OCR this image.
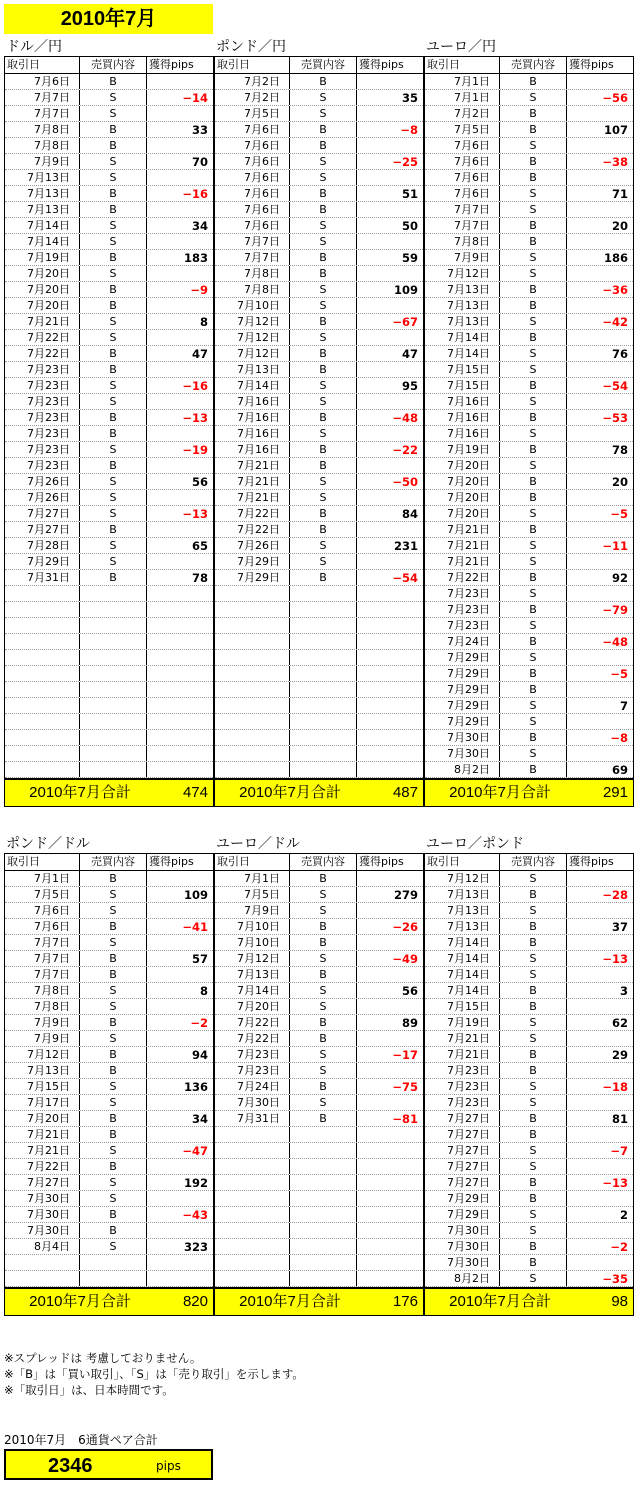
2010年7月
ドル／円
取引日	売買内容	獲得pips
7月6日	B
7月7日	S	−14
7月7日	S
7月8日	B	33
7月8日	B
7月9日	S	70
7月13日	S
7月13日	B	−16
7月13日	B
7月14日	S	34
7月14日	S
7月19日	B	183
7月20日	S
7月20日	B	−9
7月20日	B
7月21日	S	8
7月22日	S
7月22日	B	47
7月23日	B
7月23日	S	−16
7月23日	S
7月23日	B	−13
7月23日	B
7月23日	S	−19
7月23日	B
7月26日	S	56
7月26日	S
7月27日	S	−13
7月27日	B
7月28日	S	65
7月29日	S
7月31日	B	78
2010年7月合計	474
ポンド／円
取引日	売買内容	獲得pips
7月2日	B
7月2日	S	35
7月5日	S
7月6日	B	−8
7月6日	B
7月6日	S	−25
7月6日	S
7月6日	B	51
7月6日	B
7月6日	S	50
7月7日	S
7月7日	B	59
7月8日	B
7月8日	S	109
7月10日	S
7月12日	B	−67
7月12日	S
7月12日	B	47
7月13日	B
7月14日	S	95
7月16日	S
7月16日	B	−48
7月16日	S
7月16日	B	−22
7月21日	B
7月21日	S	−50
7月21日	S
7月22日	B	84
7月22日	B
7月26日	S	231
7月29日	S
7月29日	B	−54
2010年7月合計	487
ユーロ／円
取引日	売買内容	獲得pips
7月1日	B
7月1日	S	−56
7月2日	B
7月5日	B	107
7月6日	S
7月6日	B	−38
7月6日	B
7月6日	S	71
7月7日	S
7月7日	B	20
7月8日	B
7月9日	S	186
7月12日	S
7月13日	B	−36
7月13日	B
7月13日	S	−42
7月14日	B
7月14日	S	76
7月15日	S
7月15日	B	−54
7月16日	S
7月16日	B	−53
7月16日	S
7月19日	B	78
7月20日	S
7月20日	B	20
7月20日	B
7月20日	S	−5
7月21日	B
7月21日	S	−11
7月21日	S
7月22日	B	92
7月23日	S
7月23日	B	−79
7月23日	S
7月24日	B	−48
7月29日	S
7月29日	B	−5
7月29日	B
7月29日	S	7
7月29日	S
7月30日	B	−8
7月30日	S
8月2日	B	69
2010年7月合計	291
ポンド／ドル
取引日	売買内容	獲得pips
7月1日	B
7月5日	S	109
7月6日	S
7月6日	B	−41
7月7日	S
7月7日	B	57
7月7日	B
7月8日	S	8
7月8日	S
7月9日	B	−2
7月9日	S
7月12日	B	94
7月13日	B
7月15日	S	136
7月17日	S
7月20日	B	34
7月21日	B
7月21日	S	−47
7月22日	B
7月27日	S	192
7月30日	S
7月30日	B	−43
7月30日	B
8月4日	S	323
2010年7月合計	820
ユーロ／ドル
取引日	売買内容	獲得pips
7月1日	B
7月5日	S	279
7月9日	S
7月10日	B	−26
7月10日	B
7月12日	S	−49
7月13日	B
7月14日	S	56
7月20日	S
7月22日	B	89
7月22日	B
7月23日	S	−17
7月23日	S
7月24日	B	−75
7月30日	S
7月31日	B	−81
2010年7月合計	176
ユーロ／ポンド
取引日	売買内容	獲得pips
7月12日	S
7月13日	B	−28
7月13日	S
7月13日	B	37
7月14日	B
7月14日	S	−13
7月14日	S
7月14日	B	3
7月15日	B
7月19日	S	62
7月21日	S
7月21日	B	29
7月23日	B
7月23日	S	−18
7月23日	S
7月27日	B	81
7月27日	B
7月27日	S	−7
7月27日	S
7月27日	B	−13
7月29日	B
7月29日	S	2
7月30日	S
7月30日	B	−2
7月30日	B
8月2日	S	−35
2010年7月合計	98
※スプレッドは 考慮しておりません。
※「B」は「買い取引」、「S」は「売り取引」を示します。
※「取引日」は、日本時間です。
2010年7月　6通貨ペア合計
2346	pips
